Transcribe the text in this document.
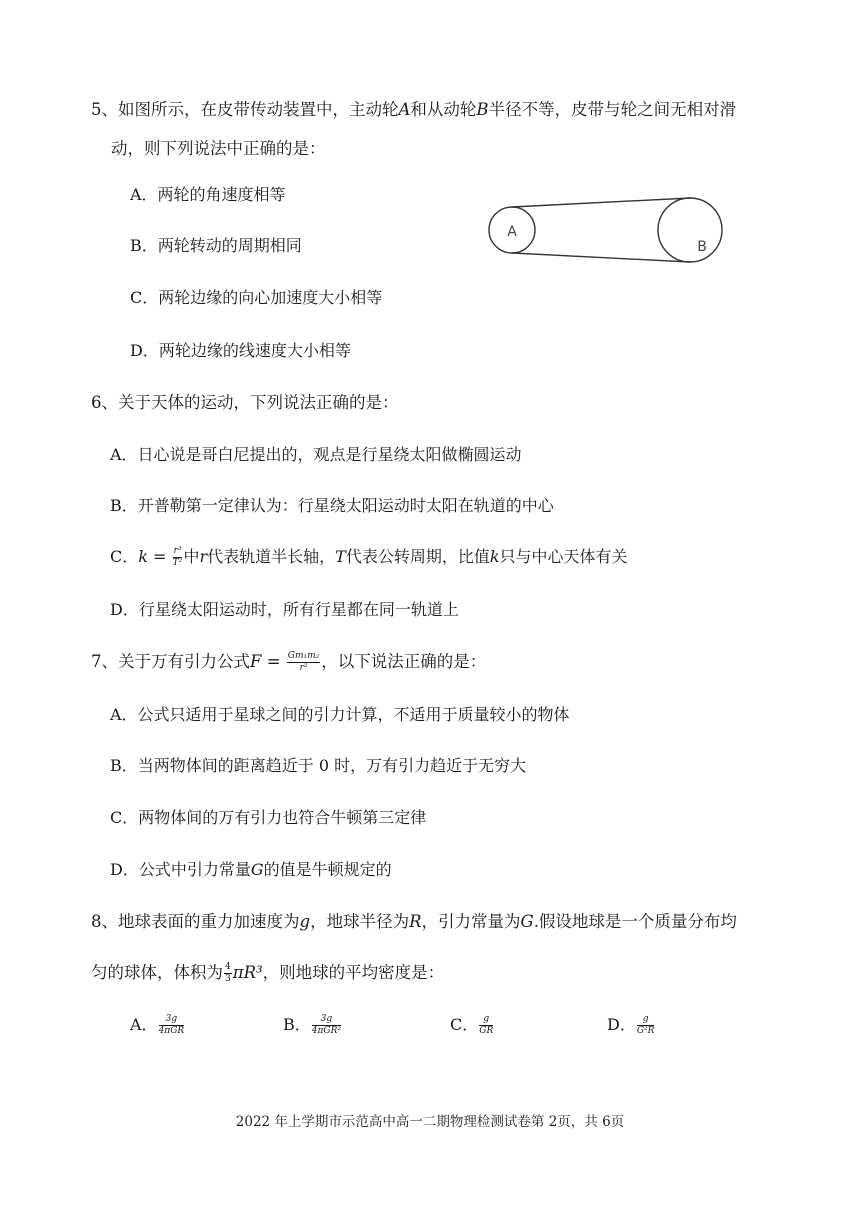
5、如图所示，在皮带传动装置中，主动轮A和从动轮B半径不等，皮带与轮之间无相对滑
动，则下列说法中正确的是：
A．两轮的角速度相等
B．两轮转动的周期相同
C．两轮边缘的向心加速度大小相等
D．两轮边缘的线速度大小相等
A
B
6、关于天体的运动，下列说法正确的是：
A．日心说是哥白尼提出的，观点是行星绕太阳做椭圆运动
B．开普勒第一定律认为：行星绕太阳运动时太阳在轨道的中心
C．$k = \frac{\text{r³}}{\text{T²}}$ 中r代表轨道半长轴，T代表公转周期，比值k只与中心天体有关
D．行星绕太阳运动时，所有行星都在同一轨道上
7、关于万有引力公式$F = \frac{\text{Gm₁m₂}}{\text{r²}}$ ，以下说法正确的是：
A．公式只适用于星球之间的引力计算，不适用于质量较小的物体
B．当两物体间的距离趋近于 0 时，万有引力趋近于无穷大
C．两物体间的万有引力也符合牛顿第三定律
D．公式中引力常量G的值是牛顿规定的
8、地球表面的重力加速度为g，地球半径为R，引力常量为G.假设地球是一个质量分布均
匀的球体，体积为 $\frac{4}{3} \pi R^3$，则地球的平均密度是：
A． $\frac{3g}{\text{4πGR}}$	B． $\frac{3g}{\text{4πGR²}}$	C． $\frac{g}{GR}$	D． $\frac{g}{\text{G²R}}$
2022 年上学期市示范高中高一二期物理检测试卷第 2页，共 6页
